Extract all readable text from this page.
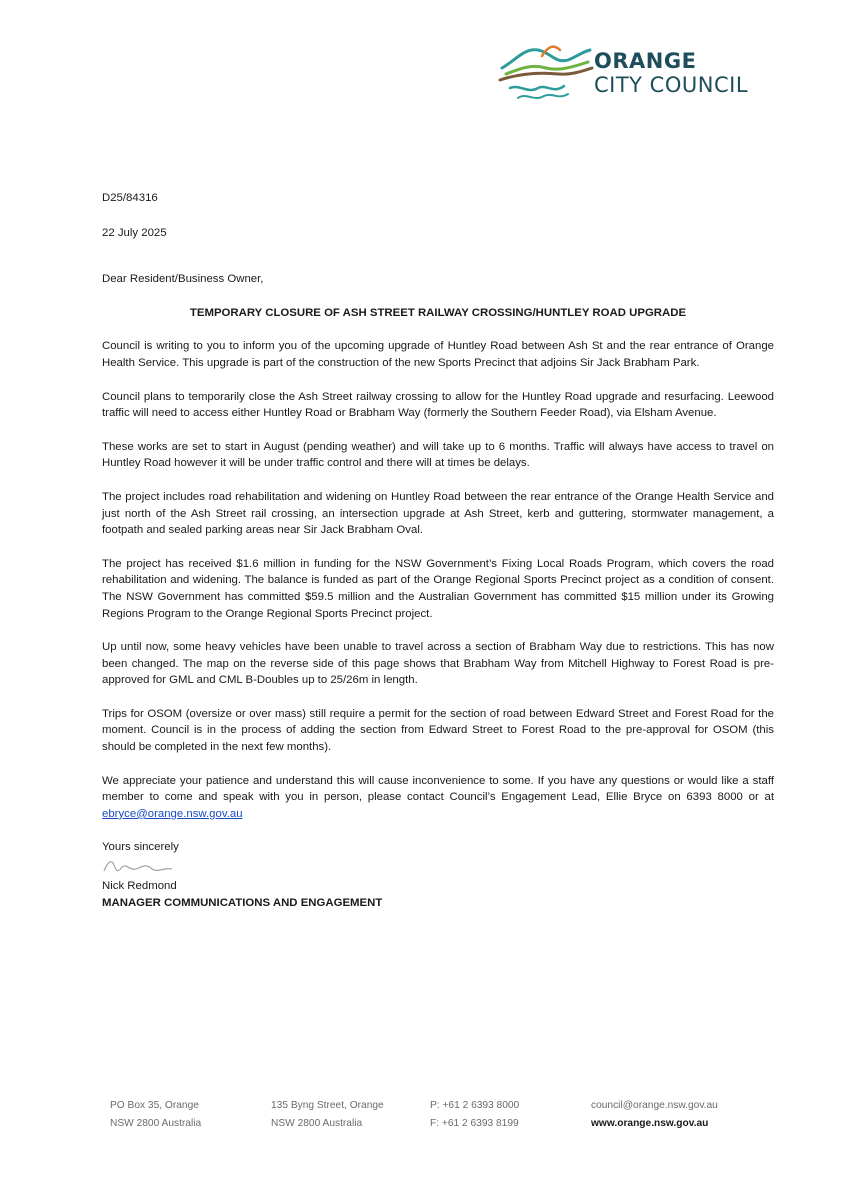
ORANGE
CITY COUNCIL

D25/84316

22 July 2025

Dear Resident/Business Owner,

TEMPORARY CLOSURE OF ASH STREET RAILWAY CROSSING/HUNTLEY ROAD UPGRADE

Council is writing to you to inform you of the upcoming upgrade of Huntley Road between Ash St and the rear entrance of Orange Health Service. This upgrade is part of the construction of the new Sports Precinct that adjoins Sir Jack Brabham Park.

Council plans to temporarily close the Ash Street railway crossing to allow for the Huntley Road upgrade and resurfacing. Leewood traffic will need to access either Huntley Road or Brabham Way (formerly the Southern Feeder Road), via Elsham Avenue.

These works are set to start in August (pending weather) and will take up to 6 months. Traffic will always have access to travel on Huntley Road however it will be under traffic control and there will at times be delays.

The project includes road rehabilitation and widening on Huntley Road between the rear entrance of the Orange Health Service and just north of the Ash Street rail crossing, an intersection upgrade at Ash Street, kerb and guttering, stormwater management, a footpath and sealed parking areas near Sir Jack Brabham Oval.

The project has received $1.6 million in funding for the NSW Government’s Fixing Local Roads Program, which covers the road rehabilitation and widening. The balance is funded as part of the Orange Regional Sports Precinct project as a condition of consent. The NSW Government has committed $59.5 million and the Australian Government has committed $15 million under its Growing Regions Program to the Orange Regional Sports Precinct project.

Up until now, some heavy vehicles have been unable to travel across a section of Brabham Way due to restrictions. This has now been changed. The map on the reverse side of this page shows that Brabham Way from Mitchell Highway to Forest Road is pre-approved for GML and CML B-Doubles up to 25/26m in length.

Trips for OSOM (oversize or over mass) still require a permit for the section of road between Edward Street and Forest Road for the moment. Council is in the process of adding the section from Edward Street to Forest Road to the pre-approval for OSOM (this should be completed in the next few months).

We appreciate your patience and understand this will cause inconvenience to some. If you have any questions or would like a staff member to come and speak with you in person, please contact Council’s Engagement Lead, Ellie Bryce on 6393 8000 or at ebryce@orange.nsw.gov.au

Yours sincerely

Nick Redmond

MANAGER COMMUNICATIONS AND ENGAGEMENT

PO Box 35, Orange
NSW 2800 Australia
135 Byng Street, Orange
NSW 2800 Australia
P: +61 2 6393 8000
F: +61 2 6393 8199
council@orange.nsw.gov.au
www.orange.nsw.gov.au
